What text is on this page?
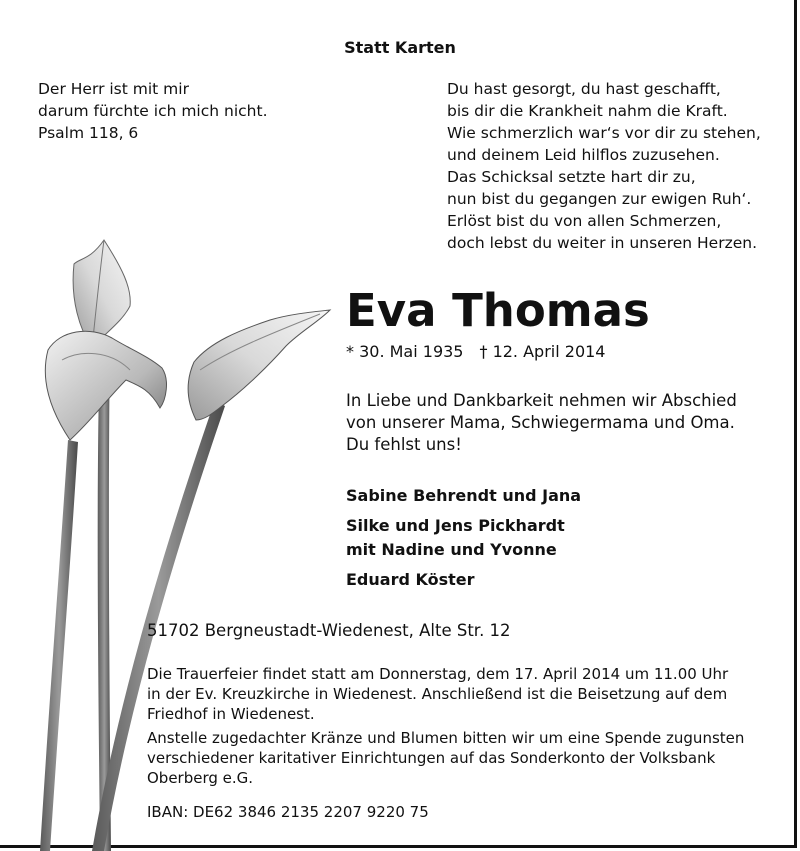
Statt Karten
Der Herr ist mit mir
darum fürchte ich mich nicht.
Psalm 118, 6
Du hast gesorgt, du hast geschafft,
bis dir die Krankheit nahm die Kraft.
Wie schmerzlich war‘s vor dir zu stehen,
und deinem Leid hilflos zuzusehen.
Das Schicksal setzte hart dir zu,
nun bist du gegangen zur ewigen Ruh‘.
Erlöst bist du von allen Schmerzen,
doch lebst du weiter in unseren Herzen.
Eva Thomas
* 30. Mai 1935 † 12. April 2014
In Liebe und Dankbarkeit nehmen wir Abschied
von unserer Mama, Schwiegermama und Oma.
Du fehlst uns!
Sabine Behrendt und Jana
Silke und Jens Pickhardt
mit Nadine und Yvonne
Eduard Köster
51702 Bergneustadt-Wiedenest, Alte Str. 12
Die Trauerfeier findet statt am Donnerstag, dem 17. April 2014 um 11.00 Uhr
in der Ev. Kreuzkirche in Wiedenest. Anschließend ist die Beisetzung auf dem
Friedhof in Wiedenest.
Anstelle zugedachter Kränze und Blumen bitten wir um eine Spende zugunsten
verschiedener karitativer Einrichtungen auf das Sonderkonto der Volksbank
Oberberg e.G.
IBAN: DE62 3846 2135 2207 9220 75
